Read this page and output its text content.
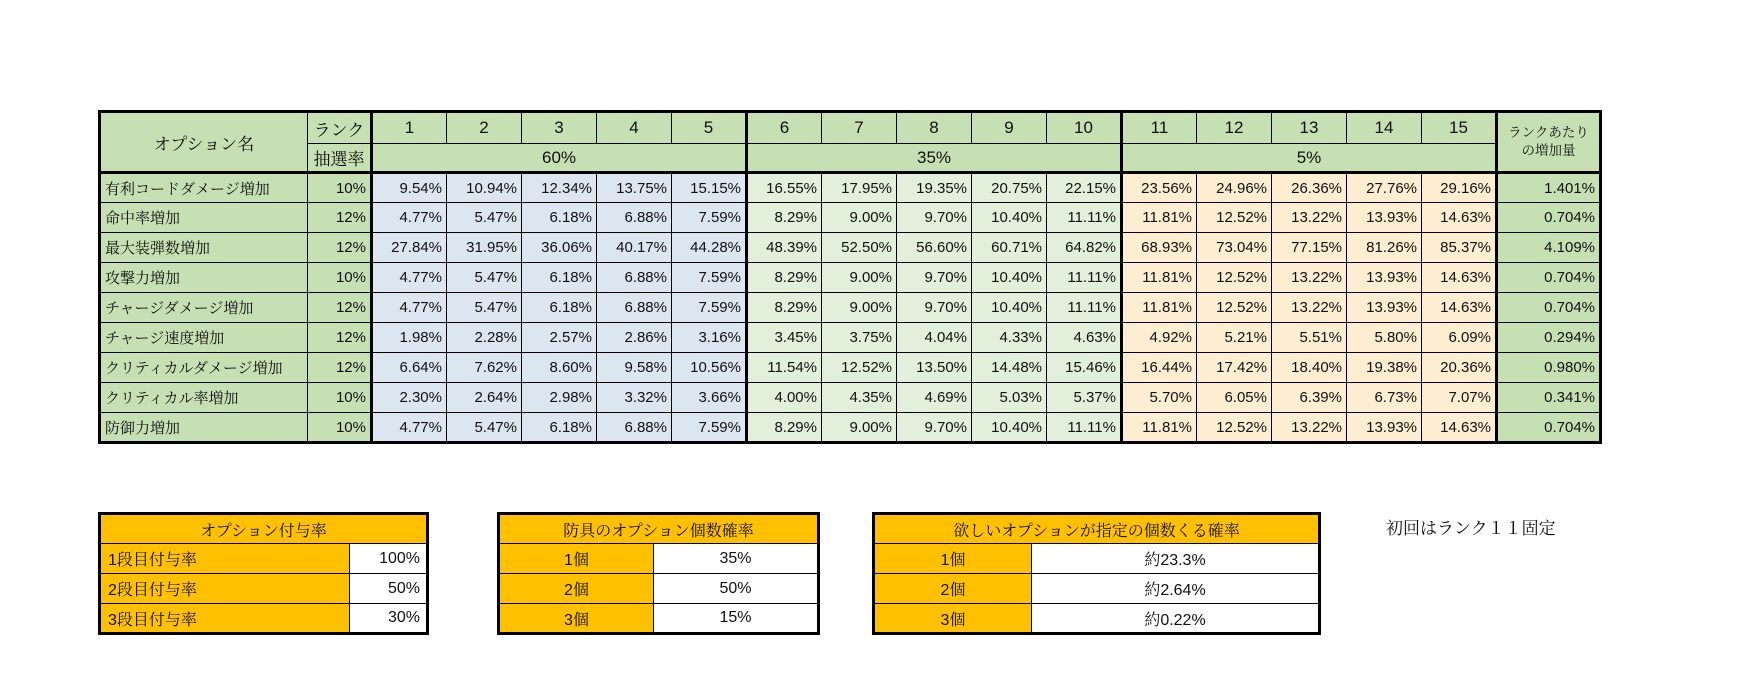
オプション名	ランク	1	2	3	4	5	6	7	8	9	10	11	12	13	14	15	ランクあたり
の増加量
	抽選率	60%					35%					5%					
有利コードダメージ増加	10%	9.54%	10.94%	12.34%	13.75%	15.15%	16.55%	17.95%	19.35%	20.75%	22.15%	23.56%	24.96%	26.36%	27.76%	29.16%	1.401%
命中率増加	12%	4.77%	5.47%	6.18%	6.88%	7.59%	8.29%	9.00%	9.70%	10.40%	11.11%	11.81%	12.52%	13.22%	13.93%	14.63%	0.704%
最大装弾数増加	12%	27.84%	31.95%	36.06%	40.17%	44.28%	48.39%	52.50%	56.60%	60.71%	64.82%	68.93%	73.04%	77.15%	81.26%	85.37%	4.109%
攻撃力増加	10%	4.77%	5.47%	6.18%	6.88%	7.59%	8.29%	9.00%	9.70%	10.40%	11.11%	11.81%	12.52%	13.22%	13.93%	14.63%	0.704%
チャージダメージ増加	12%	4.77%	5.47%	6.18%	6.88%	7.59%	8.29%	9.00%	9.70%	10.40%	11.11%	11.81%	12.52%	13.22%	13.93%	14.63%	0.704%
チャージ速度増加	12%	1.98%	2.28%	2.57%	2.86%	3.16%	3.45%	3.75%	4.04%	4.33%	4.63%	4.92%	5.21%	5.51%	5.80%	6.09%	0.294%
クリティカルダメージ増加	12%	6.64%	7.62%	8.60%	9.58%	10.56%	11.54%	12.52%	13.50%	14.48%	15.46%	16.44%	17.42%	18.40%	19.38%	20.36%	0.980%
クリティカル率増加	10%	2.30%	2.64%	2.98%	3.32%	3.66%	4.00%	4.35%	4.69%	5.03%	5.37%	5.70%	6.05%	6.39%	6.73%	7.07%	0.341%
防御力増加	10%	4.77%	5.47%	6.18%	6.88%	7.59%	8.29%	9.00%	9.70%	10.40%	11.11%	11.81%	12.52%	13.22%	13.93%	14.63%	0.704%
オプション付与率	
1段目付与率	100%
2段目付与率	50%
3段目付与率	30%
防具のオプション個数確率	
1個	35%
2個	50%
3個	15%
欲しいオプションが指定の個数くる確率	
1個	約23.3%
2個	約2.64%
3個	約0.22%
初回はランク１１固定
